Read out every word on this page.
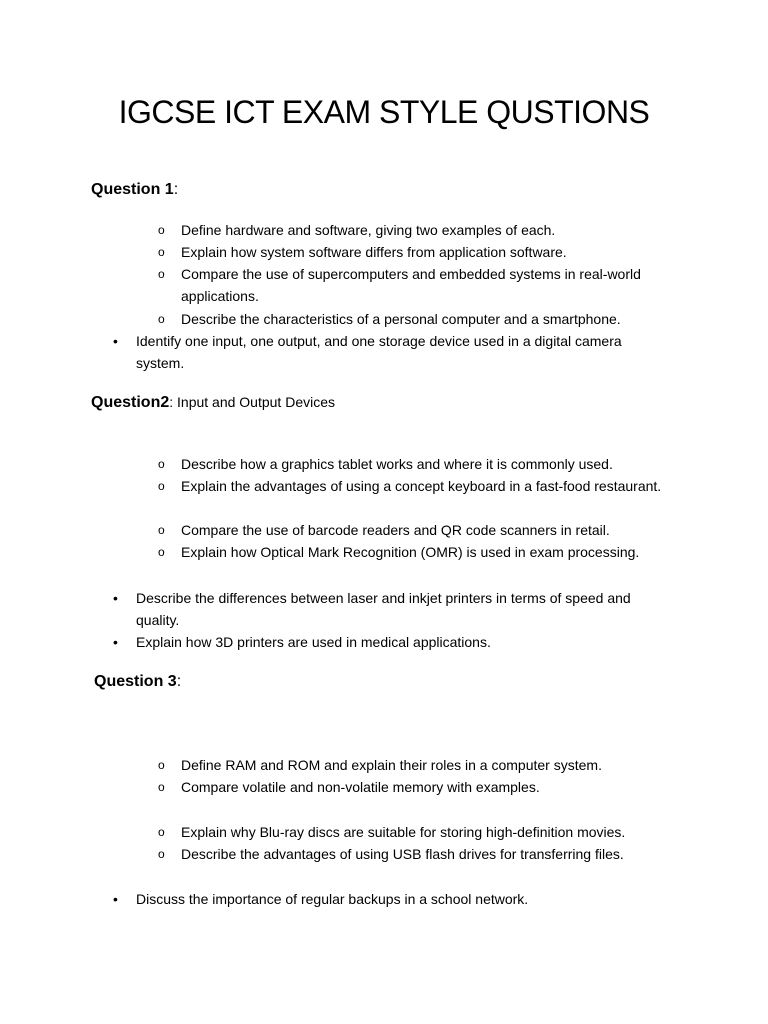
IGCSE ICT EXAM STYLE QUSTIONS
Question 1:
o Define hardware and software, giving two examples of each.
o Explain how system software differs from application software.
o Compare the use of supercomputers and embedded systems in real-world applications.
o Describe the characteristics of a personal computer and a smartphone.
• Identify one input, one output, and one storage device used in a digital camera system.
Question2: Input and Output Devices
o Describe how a graphics tablet works and where it is commonly used.
o Explain the advantages of using a concept keyboard in a fast-food restaurant.
o Compare the use of barcode readers and QR code scanners in retail.
o Explain how Optical Mark Recognition (OMR) is used in exam processing.
• Describe the differences between laser and inkjet printers in terms of speed and quality.
• Explain how 3D printers are used in medical applications.
Question 3:
o Define RAM and ROM and explain their roles in a computer system.
o Compare volatile and non-volatile memory with examples.
o Explain why Blu-ray discs are suitable for storing high-definition movies.
o Describe the advantages of using USB flash drives for transferring files.
• Discuss the importance of regular backups in a school network.
